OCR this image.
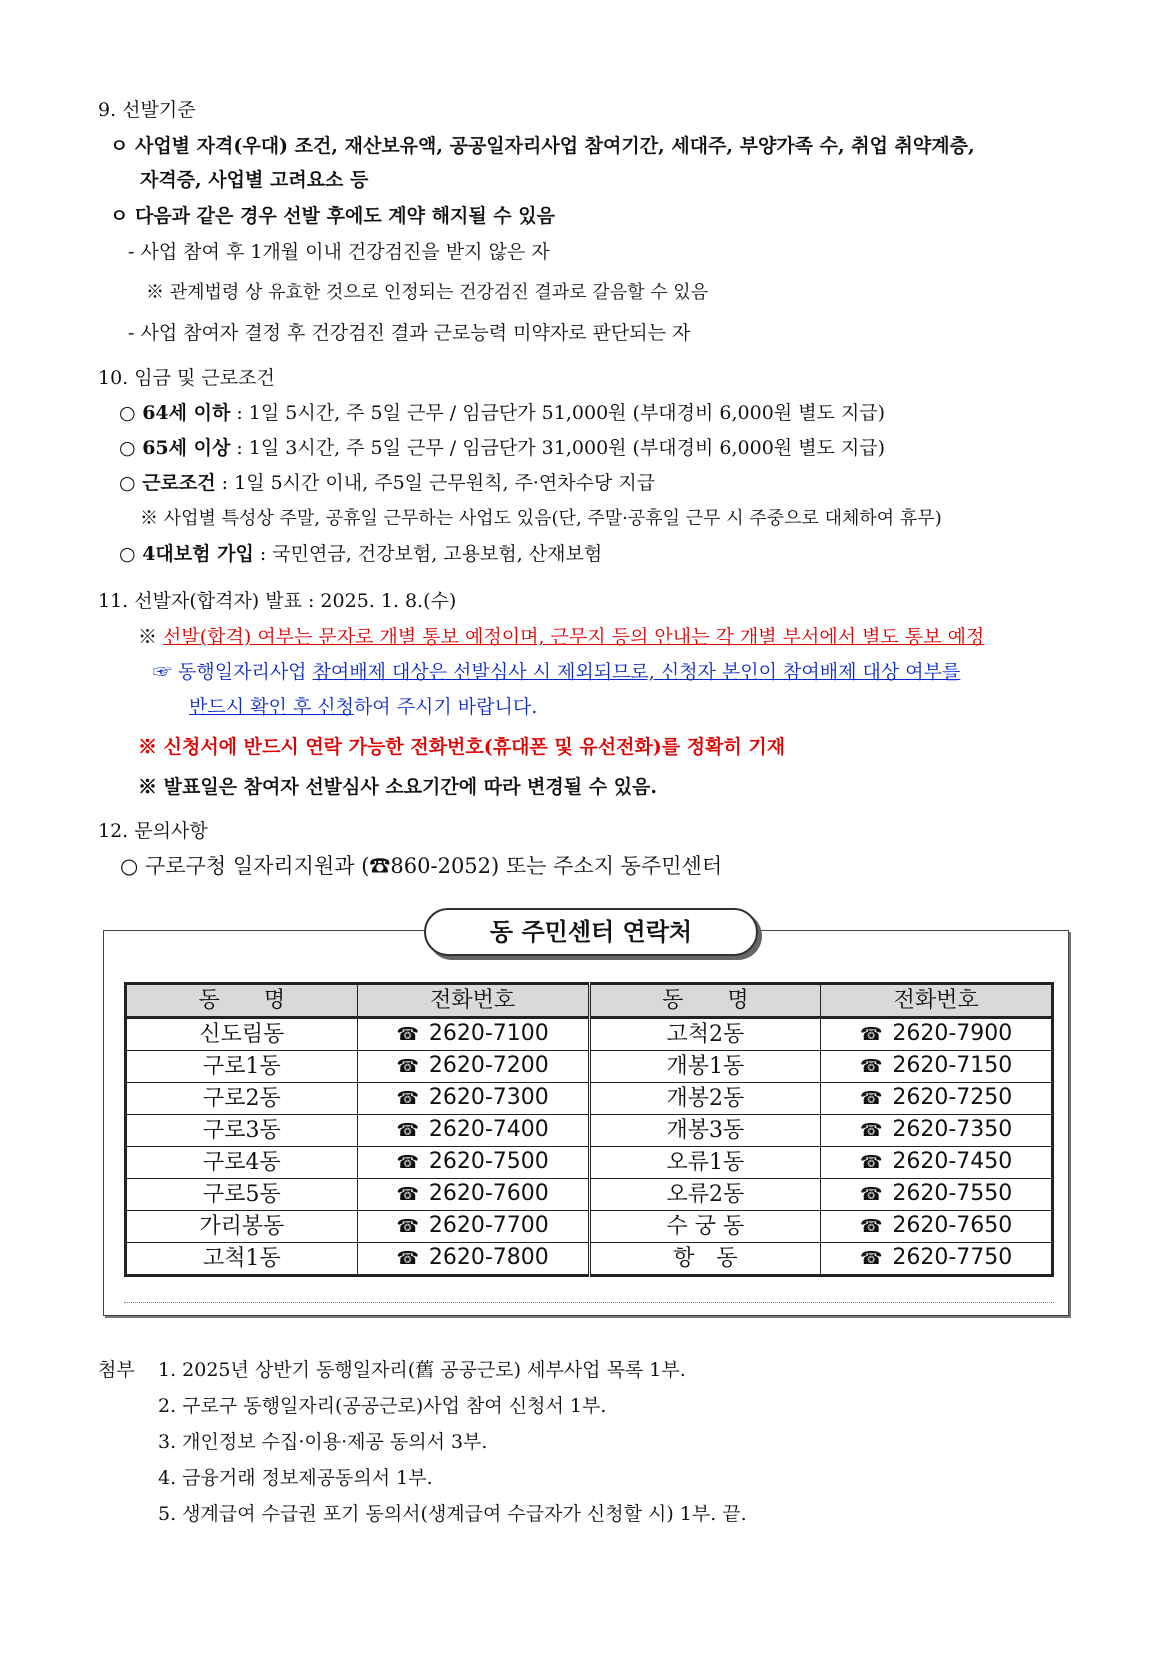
9. 선발기준
ㅇ 사업별 자격(우대) 조건, 재산보유액, 공공일자리사업 참여기간, 세대주, 부양가족 수, 취업 취약계층,
자격증, 사업별 고려요소 등
ㅇ 다음과 같은 경우 선발 후에도 계약 해지될 수 있음
- 사업 참여 후 1개월 이내 건강검진을 받지 않은 자
※ 관계법령 상 유효한 것으로 인정되는 건강검진 결과로 갈음할 수 있음
- 사업 참여자 결정 후 건강검진 결과 근로능력 미약자로 판단되는 자
10. 임금 및 근로조건
○ 64세 이하 : 1일 5시간, 주 5일 근무 / 임금단가 51,000원 (부대경비 6,000원 별도 지급)
○ 65세 이상 : 1일 3시간, 주 5일 근무 / 임금단가 31,000원 (부대경비 6,000원 별도 지급)
○ 근로조건 : 1일 5시간 이내, 주5일 근무원칙, 주·연차수당 지급
※ 사업별 특성상 주말, 공휴일 근무하는 사업도 있음(단, 주말·공휴일 근무 시 주중으로 대체하여 휴무)
○ 4대보험 가입 : 국민연금, 건강보험, 고용보험, 산재보험
11. 선발자(합격자) 발표 : 2025. 1. 8.(수)
※ 선발(합격) 여부는 문자로 개별 통보 예정이며, 근무지 등의 안내는 각 개별 부서에서 별도 통보 예정
☞ 동행일자리사업 참여배제 대상은 선발심사 시 제외되므로, 신청자 본인이 참여배제 대상 여부를
반드시 확인 후 신청하여 주시기 바랍니다.
※ 신청서에 반드시 연락 가능한 전화번호(휴대폰 및 유선전화)를 정확히 기재
※ 발표일은 참여자 선발심사 소요기간에 따라 변경될 수 있음.
12. 문의사항
○ 구로구청 일자리지원과 (☎860-2052) 또는 주소지 동주민센터
동 주민센터 연락처
동　　명	전화번호	동　　명	전화번호
신도림동	☎ 2620-7100	고척2동	☎ 2620-7900
구로1동	☎ 2620-7200	개봉1동	☎ 2620-7150
구로2동	☎ 2620-7300	개봉2동	☎ 2620-7250
구로3동	☎ 2620-7400	개봉3동	☎ 2620-7350
구로4동	☎ 2620-7500	오류1동	☎ 2620-7450
구로5동	☎ 2620-7600	오류2동	☎ 2620-7550
가리봉동	☎ 2620-7700	수 궁 동	☎ 2620-7650
고척1동	☎ 2620-7800	항　동	☎ 2620-7750
첨부 1. 2025년 상반기 동행일자리(舊 공공근로) 세부사업 목록 1부.
2. 구로구 동행일자리(공공근로)사업 참여 신청서 1부.
3. 개인정보 수집·이용·제공 동의서 3부.
4. 금융거래 정보제공동의서 1부.
5. 생계급여 수급권 포기 동의서(생계급여 수급자가 신청할 시) 1부. 끝.
